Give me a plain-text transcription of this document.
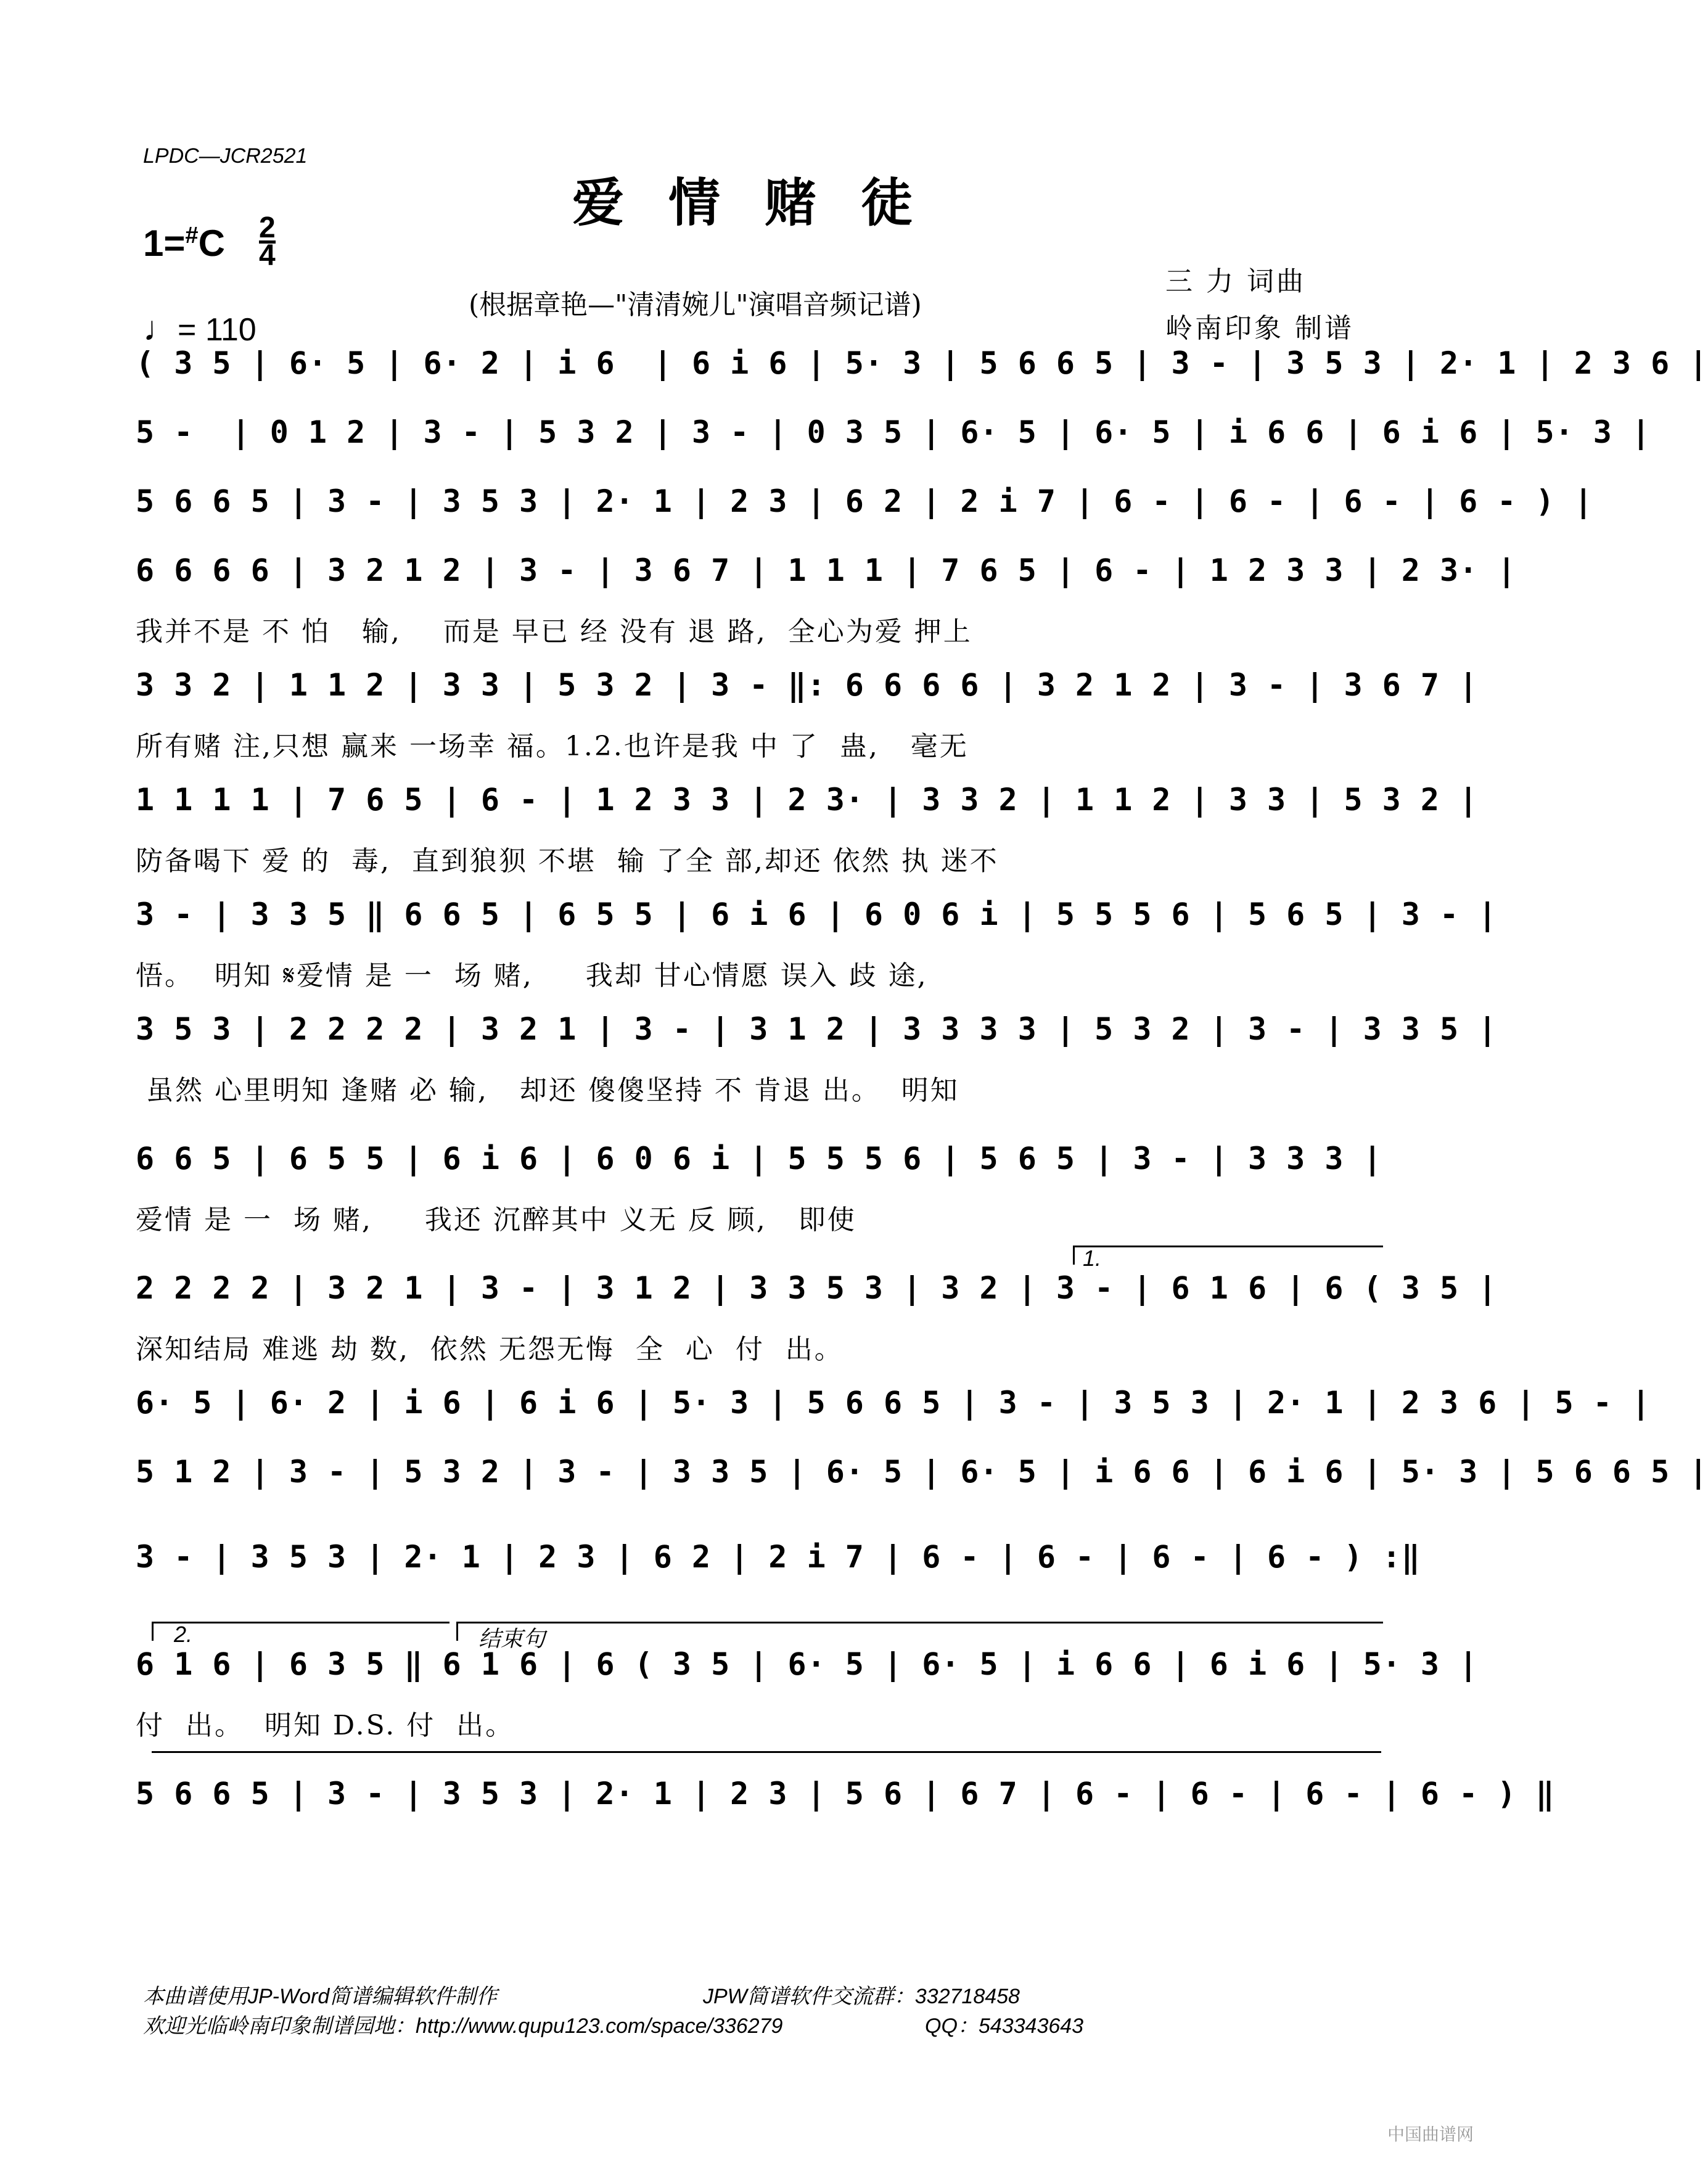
LPDC—JCR2521
爱情赌徒
$1=^{\#}C \frac{2}{4}$
♩= 110
(根据章艳—"清清婉儿"演唱音频记谱)
三 力 词曲
岭南印象 制谱
( 3 5 | 6· 5 | 6· 2 | i 6  | 6 i 6 | 5· 3 | 5 6 6 5 | 3 - | 3 5 3 | 2· 1 | 2 3 6 |
5 -  | 0 1 2 | 3 - | 5 3 2 | 3 - | 0 3 5 | 6· 5 | 6· 5 | i 6 6 | 6 i 6 | 5· 3 |
5 6 6 5 | 3 - | 3 5 3 | 2· 1 | 2 3 | 6 2 | 2 i 7 | 6 - | 6 - | 6 - | 6 - ) |
6 6 6 6 | 3 2 1 2 | 3 - | 3 6 7 | 1 1 1 | 7 6 5 | 6 - | 1 2 3 3 | 2 3· |
我并不是 不 怕   输,    而是 早已 经 没有 退 路,  全心为爱 押上
3 3 2 | 1 1 2 | 3 3 | 5 3 2 | 3 - ‖: 6 6 6 6 | 3 2 1 2 | 3 - | 3 6 7 |
所有赌 注,只想 赢来 一场幸 福。1.2.也许是我 中 了  蛊,   毫无
1 1 1 1 | 7 6 5 | 6 - | 1 2 3 3 | 2 3· | 3 3 2 | 1 1 2 | 3 3 | 5 3 2 |
防备喝下 爱 的  毒,  直到狼狈 不堪  输 了全 部,却还 依然 执 迷不
3 - | 3 3 5 ‖ 6 6 5 | 6 5 5 | 6 i 6 | 6 0 6 i | 5 5 5 6 | 5 6 5 | 3 - |
悟。  明知 𝄋爱情 是 一  场 赌,     我却 甘心情愿 误入 歧 途,
3 5 3 | 2 2 2 2 | 3 2 1 | 3 - | 3 1 2 | 3 3 3 3 | 5 3 2 | 3 - | 3 3 5 |
虽然 心里明知 逢赌 必 输,   却还 傻傻坚持 不 肯退 出。  明知
6 6 5 | 6 5 5 | 6 i 6 | 6 0 6 i | 5 5 5 6 | 5 6 5 | 3 - | 3 3 3 |
爱情 是 一  场 赌,     我还 沉醉其中 义无 反 顾,   即使
1.
2 2 2 2 | 3 2 1 | 3 - | 3 1 2 | 3 3 5 3 | 3 2 | 3 - | 6 1 6 | 6 ( 3 5 |
深知结局 难逃 劫 数,  依然 无怨无悔  全  心  付  出。
6· 5 | 6· 2 | i 6 | 6 i 6 | 5· 3 | 5 6 6 5 | 3 - | 3 5 3 | 2· 1 | 2 3 6 | 5 - |
5 1 2 | 3 - | 5 3 2 | 3 - | 3 3 5 | 6· 5 | 6· 5 | i 6 6 | 6 i 6 | 5· 3 | 5 6 6 5 |
3 - | 3 5 3 | 2· 1 | 2 3 | 6 2 | 2 i 7 | 6 - | 6 - | 6 - | 6 - ) :‖
2.	结束句
6 1 6 | 6 3 5 ‖ 6 1 6 | 6 ( 3 5 | 6· 5 | 6· 5 | i 6 6 | 6 i 6 | 5· 3 |
付  出。  明知 D.S. 付  出。
5 6 6 5 | 3 - | 3 5 3 | 2· 1 | 2 3 | 5 6 | 6 7 | 6 - | 6 - | 6 - | 6 - ) ‖
本曲谱使用JP-Word简谱编辑软件制作	JPW简谱软件交流群：332718458
欢迎光临岭南印象制谱园地：http://www.qupu123.com/space/336279	QQ：543343643
中国曲谱网
